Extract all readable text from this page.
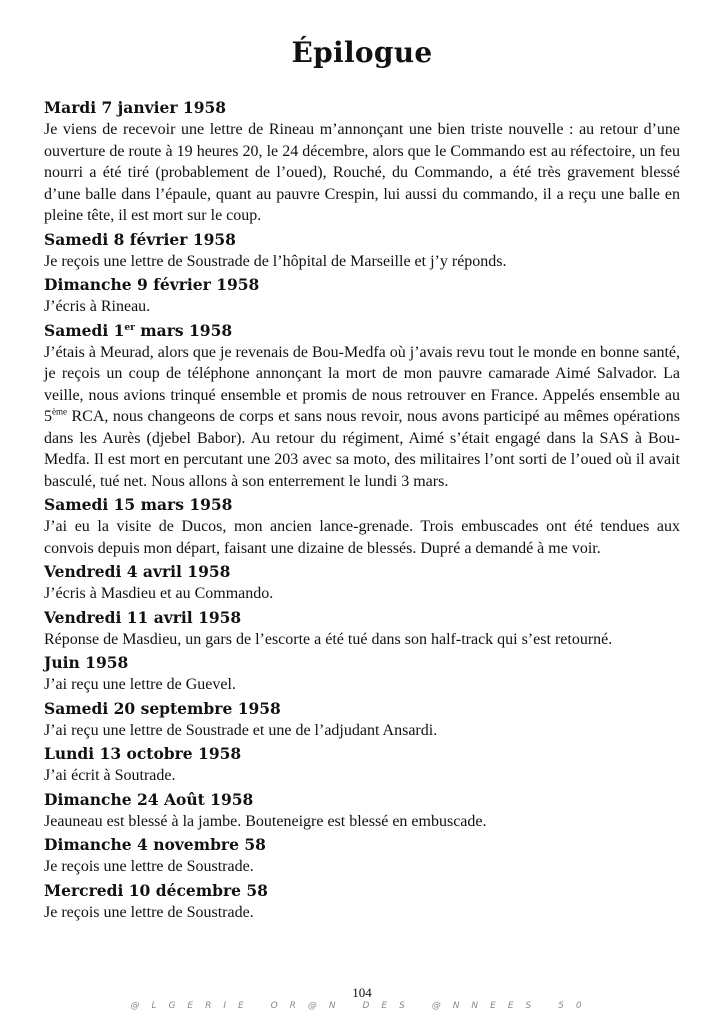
Épilogue
Mardi 7 janvier 1958

Je viens de recevoir une lettre de Rineau m’annonçant une bien triste nouvelle : au retour d’une ouverture de route à 19 heures 20, le 24 décembre, alors que le Commando est au réfectoire, un feu nourri a été tiré (probablement de l’oued), Rouché, du Commando, a été très gravement blessé d’une balle dans l’épaule, quant au pauvre Crespin, lui aussi du commando, il a reçu une balle en pleine tête, il est mort sur le coup.

Samedi 8 février 1958

Je reçois une lettre de Soustrade de l’hôpital de Marseille et j’y réponds.

Dimanche 9 février 1958

J’écris à Rineau.

Samedi 1er mars 1958

J’étais à Meurad, alors que je revenais de Bou-Medfa où j’avais revu tout le monde en bonne santé, je reçois un coup de téléphone annonçant la mort de mon pauvre camarade Aimé Salvador. La veille, nous avions trinqué ensemble et promis de nous retrouver en France. Appelés ensemble au 5ème RCA, nous changeons de corps et sans nous revoir, nous avons participé au mêmes opérations dans les Aurès (djebel Babor). Au retour du régiment, Aimé s’était engagé dans la SAS à Bou-Medfa. Il est mort en percutant une 203 avec sa moto, des militaires l’ont sorti de l’oued où il avait basculé, tué net. Nous allons à son enterrement le lundi 3 mars.

Samedi 15 mars 1958

J’ai eu la visite de Ducos, mon ancien lance-grenade. Trois embuscades ont été tendues aux convois depuis mon départ, faisant une dizaine de blessés. Dupré a demandé à me voir.

Vendredi 4 avril 1958

J’écris à Masdieu et au Commando.

Vendredi 11 avril 1958

Réponse de Masdieu, un gars de l’escorte a été tué dans son half-track qui s’est retourné.

Juin 1958

J’ai reçu une lettre de Guevel.

Samedi 20 septembre 1958

J’ai reçu une lettre de Soustrade et une de l’adjudant Ansardi.

Lundi 13 octobre 1958

J’ai écrit à Soutrade.

Dimanche 24 Août 1958

Jeauneau est blessé à la jambe. Bouteneigre est blessé en embuscade.

Dimanche 4 novembre 58

Je reçois une lettre de Soustrade.

Mercredi 10 décembre 58

Je reçois une lettre de Soustrade.

104
@LGERIE OR@N DES @NNEES 50
